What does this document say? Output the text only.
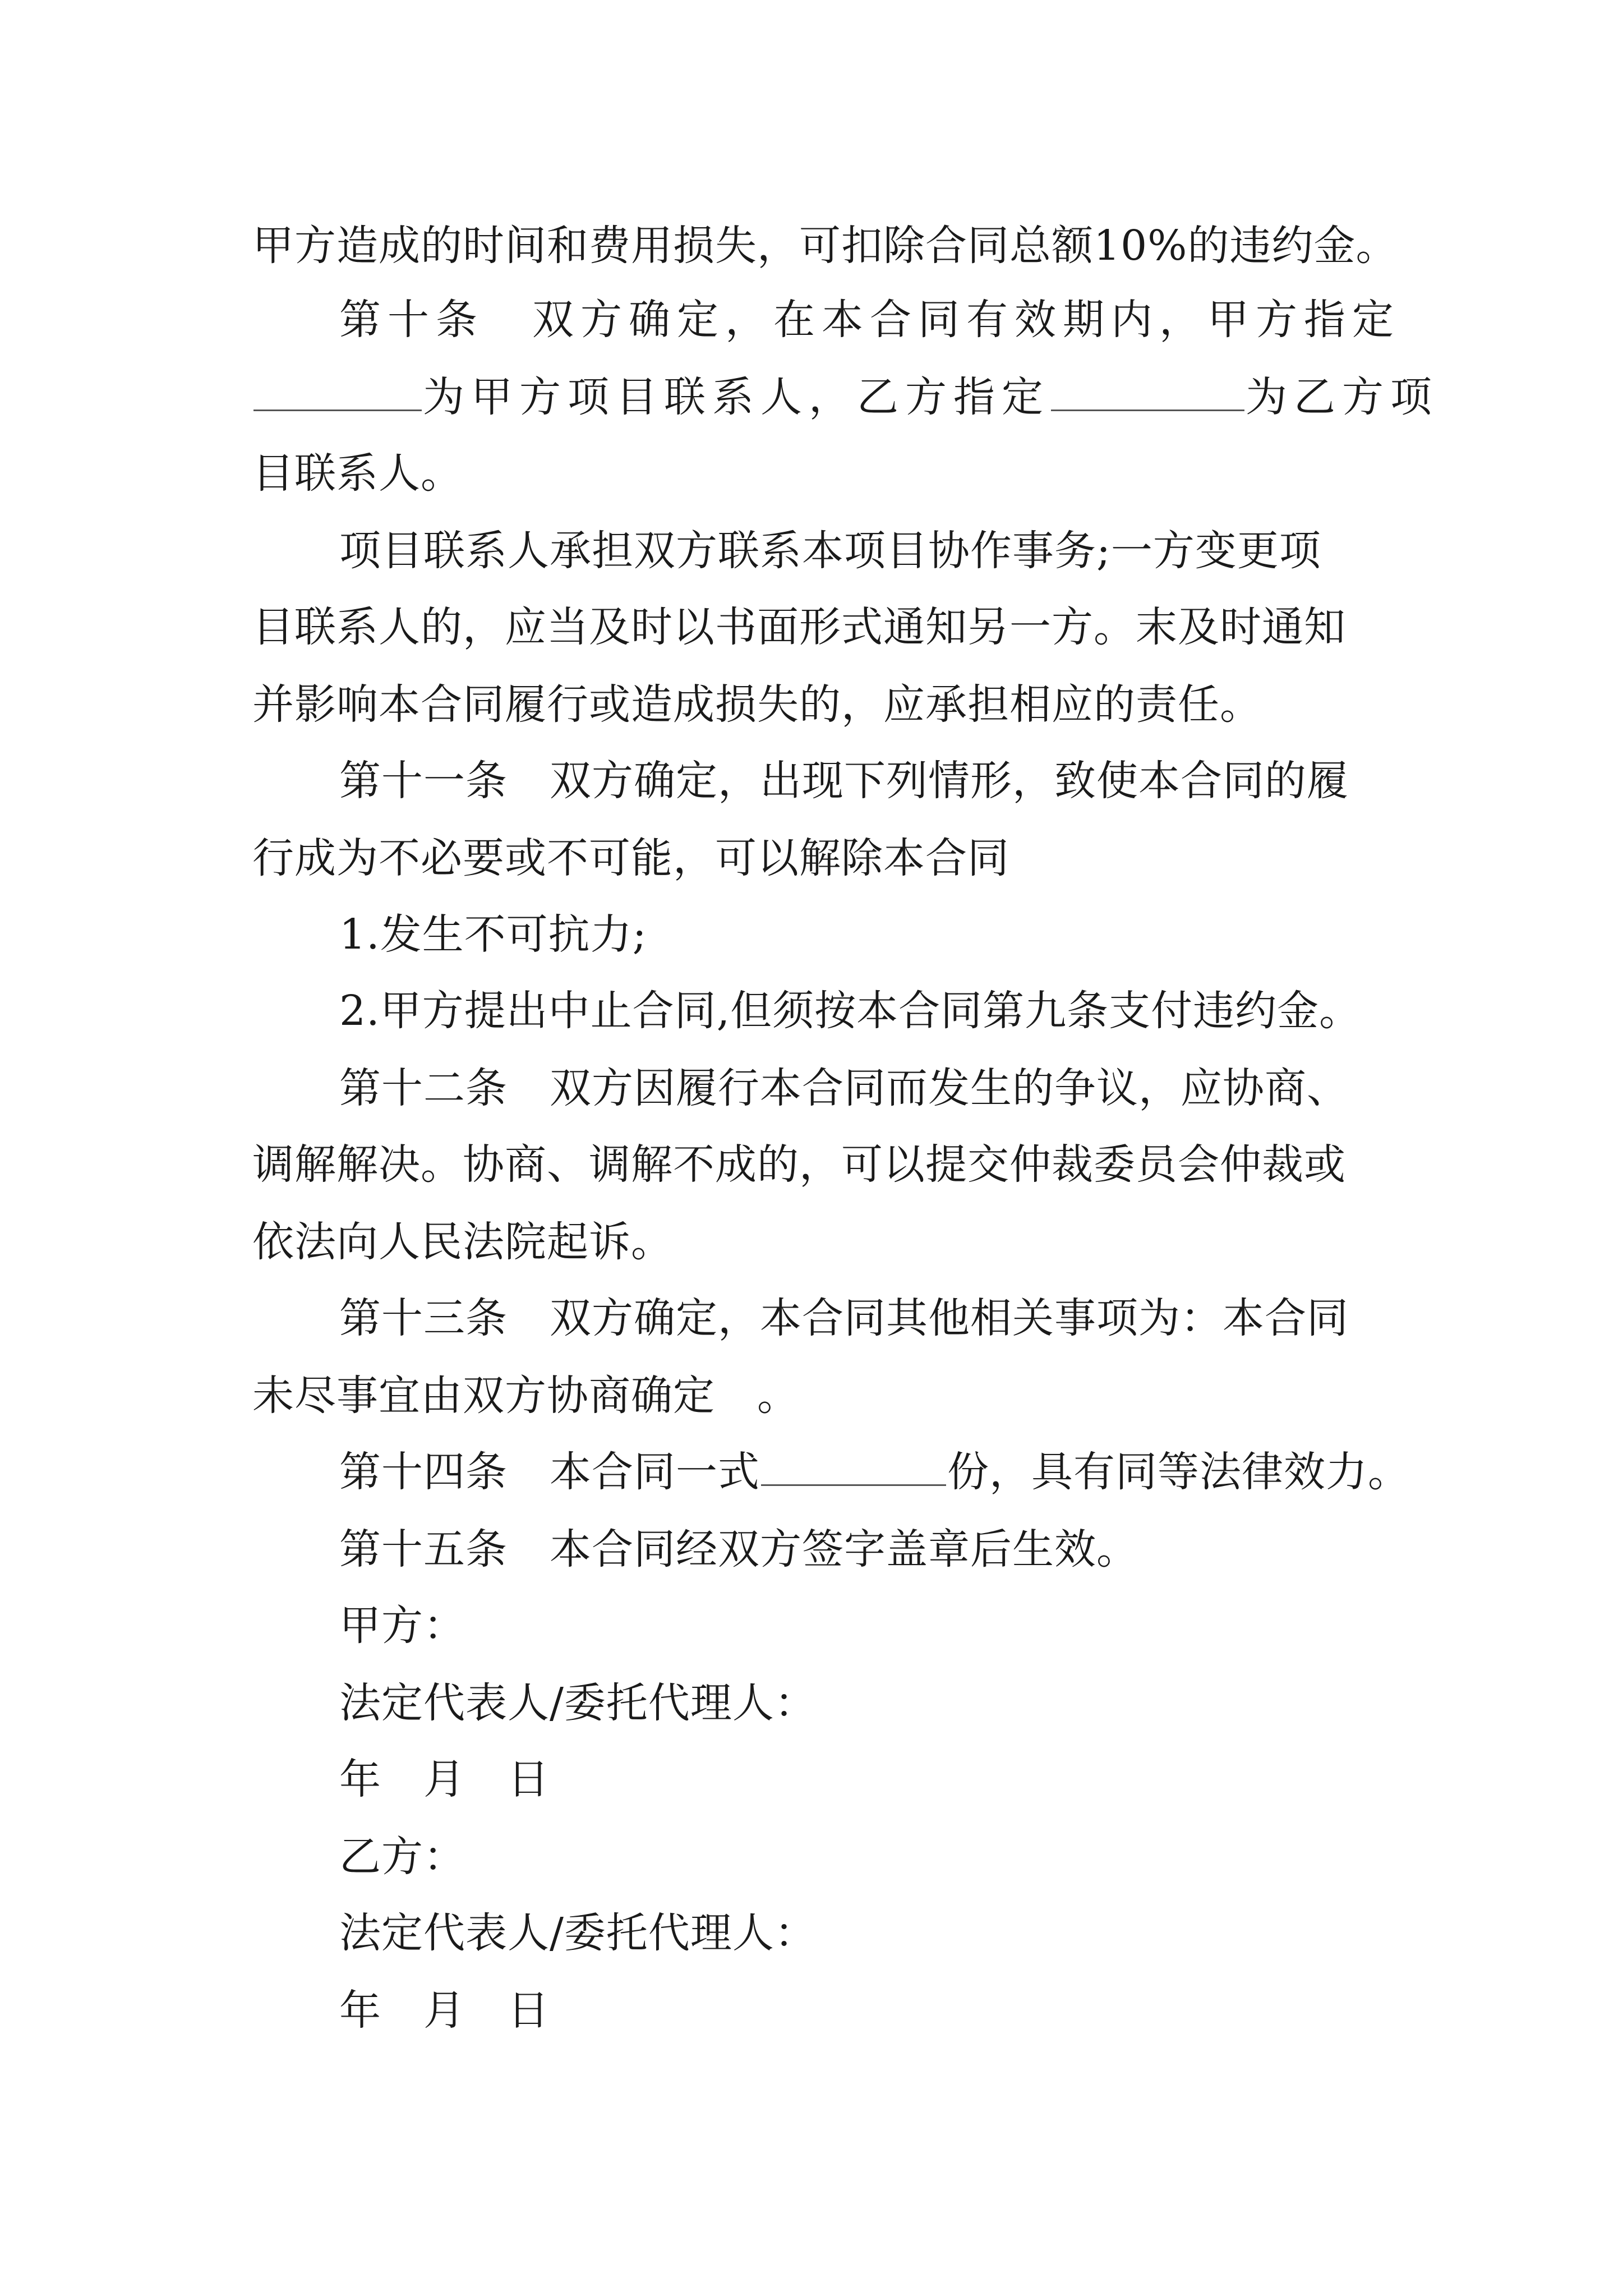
甲方造成的时间和费用损失，可扣除合同总额10%的违约金。
第十条　双方确定，在本合同有效期内，甲方指定
为甲方项目联系人，乙方指定	为乙方项
目联系人。
项目联系人承担双方联系本项目协作事务;一方变更项
目联系人的，应当及时以书面形式通知另一方。末及时通知
并影响本合同履行或造成损失的，应承担相应的责任。
第十一条　双方确定，出现下列情形，致使本合同的履
行成为不必要或不可能，可以解除本合同
1.发生不可抗力;
2.甲方提出中止合同,但须按本合同第九条支付违约金。
第十二条　双方因履行本合同而发生的争议，应协商、
调解解决。协商、调解不成的，可以提交仲裁委员会仲裁或
依法向人民法院起诉。
第十三条　双方确定，本合同其他相关事项为：本合同
未尽事宜由双方协商确定　。
第十四条　本合同一式	份，具有同等法律效力。
第十五条　本合同经双方签字盖章后生效。
甲方：
法定代表人/委托代理人：
年　月　日
乙方：
法定代表人/委托代理人：
年　月　日
